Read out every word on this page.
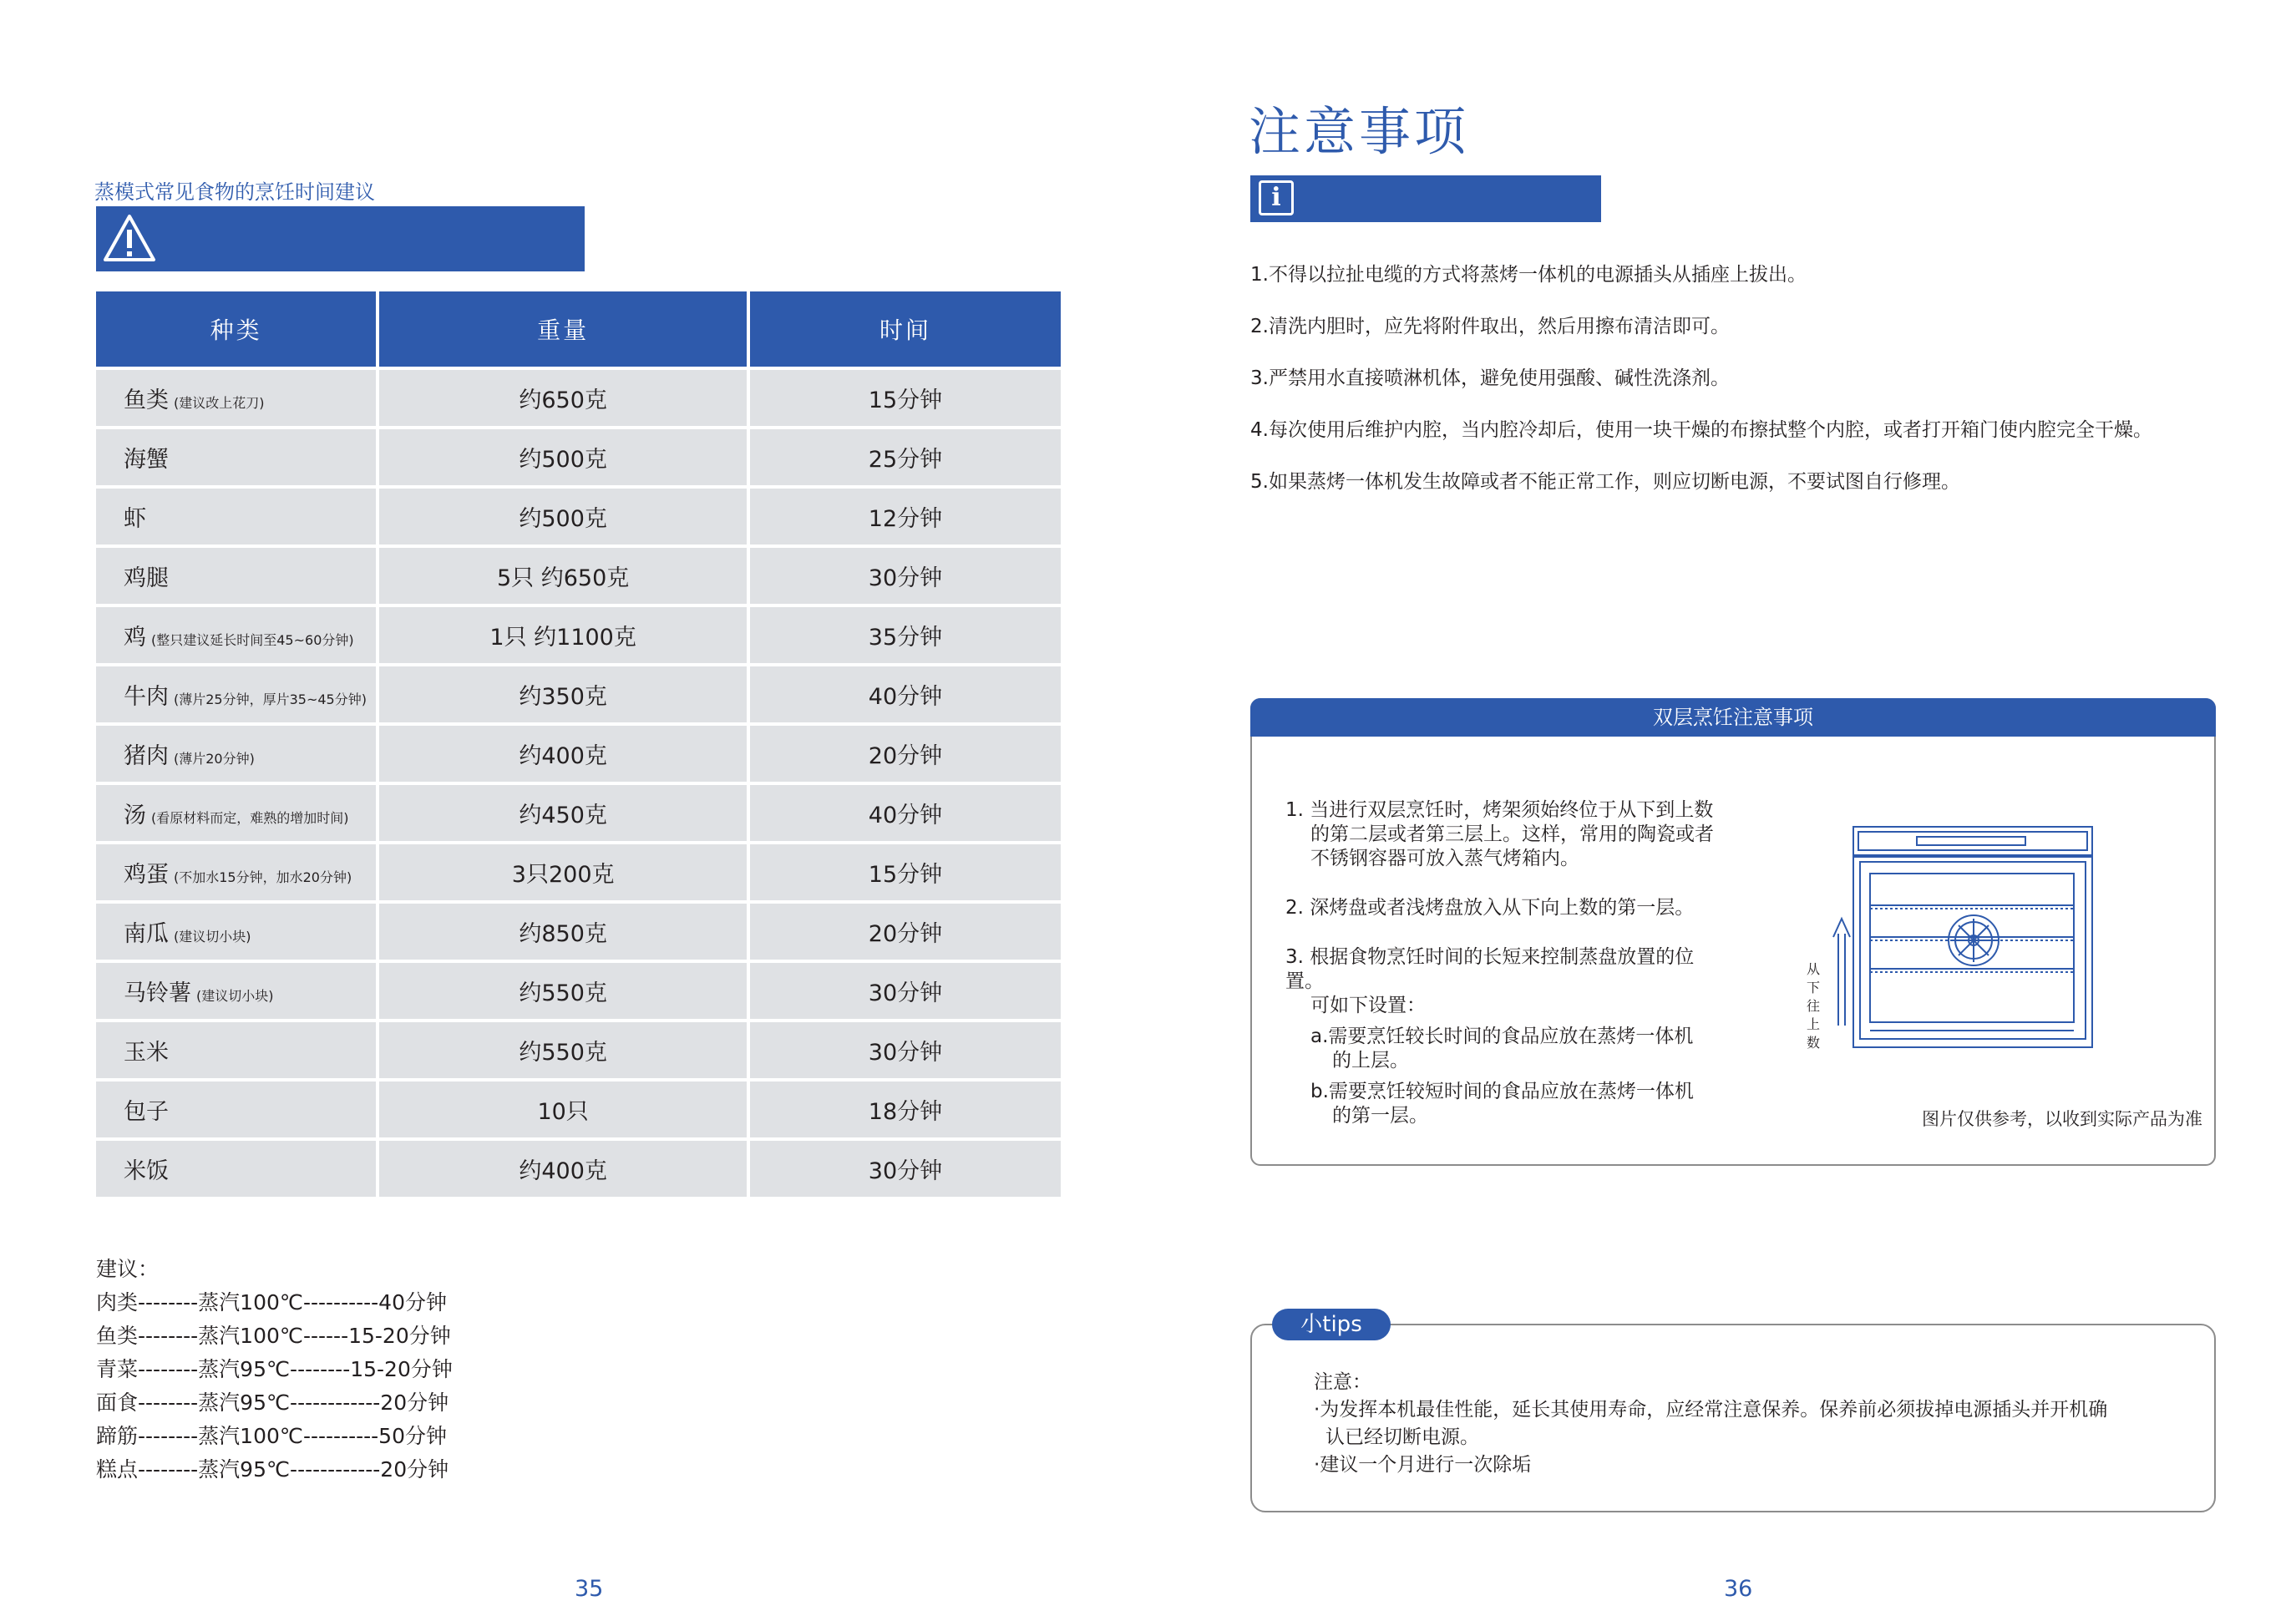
蒸模式常见食物的烹饪时间建议
种类	重量	时间
鱼类 (建议改上花刀)	约650克	15分钟
海蟹	约500克	25分钟
虾	约500克	12分钟
鸡腿	5只 约650克	30分钟
鸡 (整只建议延长时间至45~60分钟)	1只 约1100克	35分钟
牛肉 (薄片25分钟，厚片35~45分钟)	约350克	40分钟
猪肉 (薄片20分钟)	约400克	20分钟
汤 (看原材料而定，难熟的增加时间)	约450克	40分钟
鸡蛋 (不加水15分钟，加水20分钟)	3只200克	15分钟
南瓜 (建议切小块)	约850克	20分钟
马铃薯 (建议切小块)	约550克	30分钟
玉米	约550克	30分钟
包子	10只	18分钟
米饭	约400克	30分钟
建议：
肉类--------蒸汽100℃----------40分钟
鱼类--------蒸汽100℃------15-20分钟
青菜--------蒸汽95℃--------15-20分钟
面食--------蒸汽95℃------------20分钟
蹄筋--------蒸汽100℃----------50分钟
糕点--------蒸汽95℃------------20分钟
35
注意事项
i
1.不得以拉扯电缆的方式将蒸烤一体机的电源插头从插座上拔出。
2.清洗内胆时，应先将附件取出，然后用擦布清洁即可。
3.严禁用水直接喷淋机体，避免使用强酸、碱性洗涤剂。
4.每次使用后维护内腔，当内腔冷却后，使用一块干燥的布擦拭整个内腔，或者打开箱门使内腔完全干燥。
5.如果蒸烤一体机发生故障或者不能正常工作，则应切断电源，不要试图自行修理。
双层烹饪注意事项
1. 当进行双层烹饪时，烤架须始终位于从下到上数
的第二层或者第三层上。这样，常用的陶瓷或者
不锈钢容器可放入蒸气烤箱内。
2. 深烤盘或者浅烤盘放入从下向上数的第一层。
3. 根据食物烹饪时间的长短来控制蒸盘放置的位置。
可如下设置：
a.需要烹饪较长时间的食品应放在蒸烤一体机
的上层。
b.需要烹饪较短时间的食品应放在蒸烤一体机
的第一层。
从
下
往
上
数
图片仅供参考，以收到实际产品为准
小tips
注意：
·为发挥本机最佳性能，延长其使用寿命，应经常注意保养。保养前必须拔掉电源插头并开机确
认已经切断电源。
·建议一个月进行一次除垢
36
